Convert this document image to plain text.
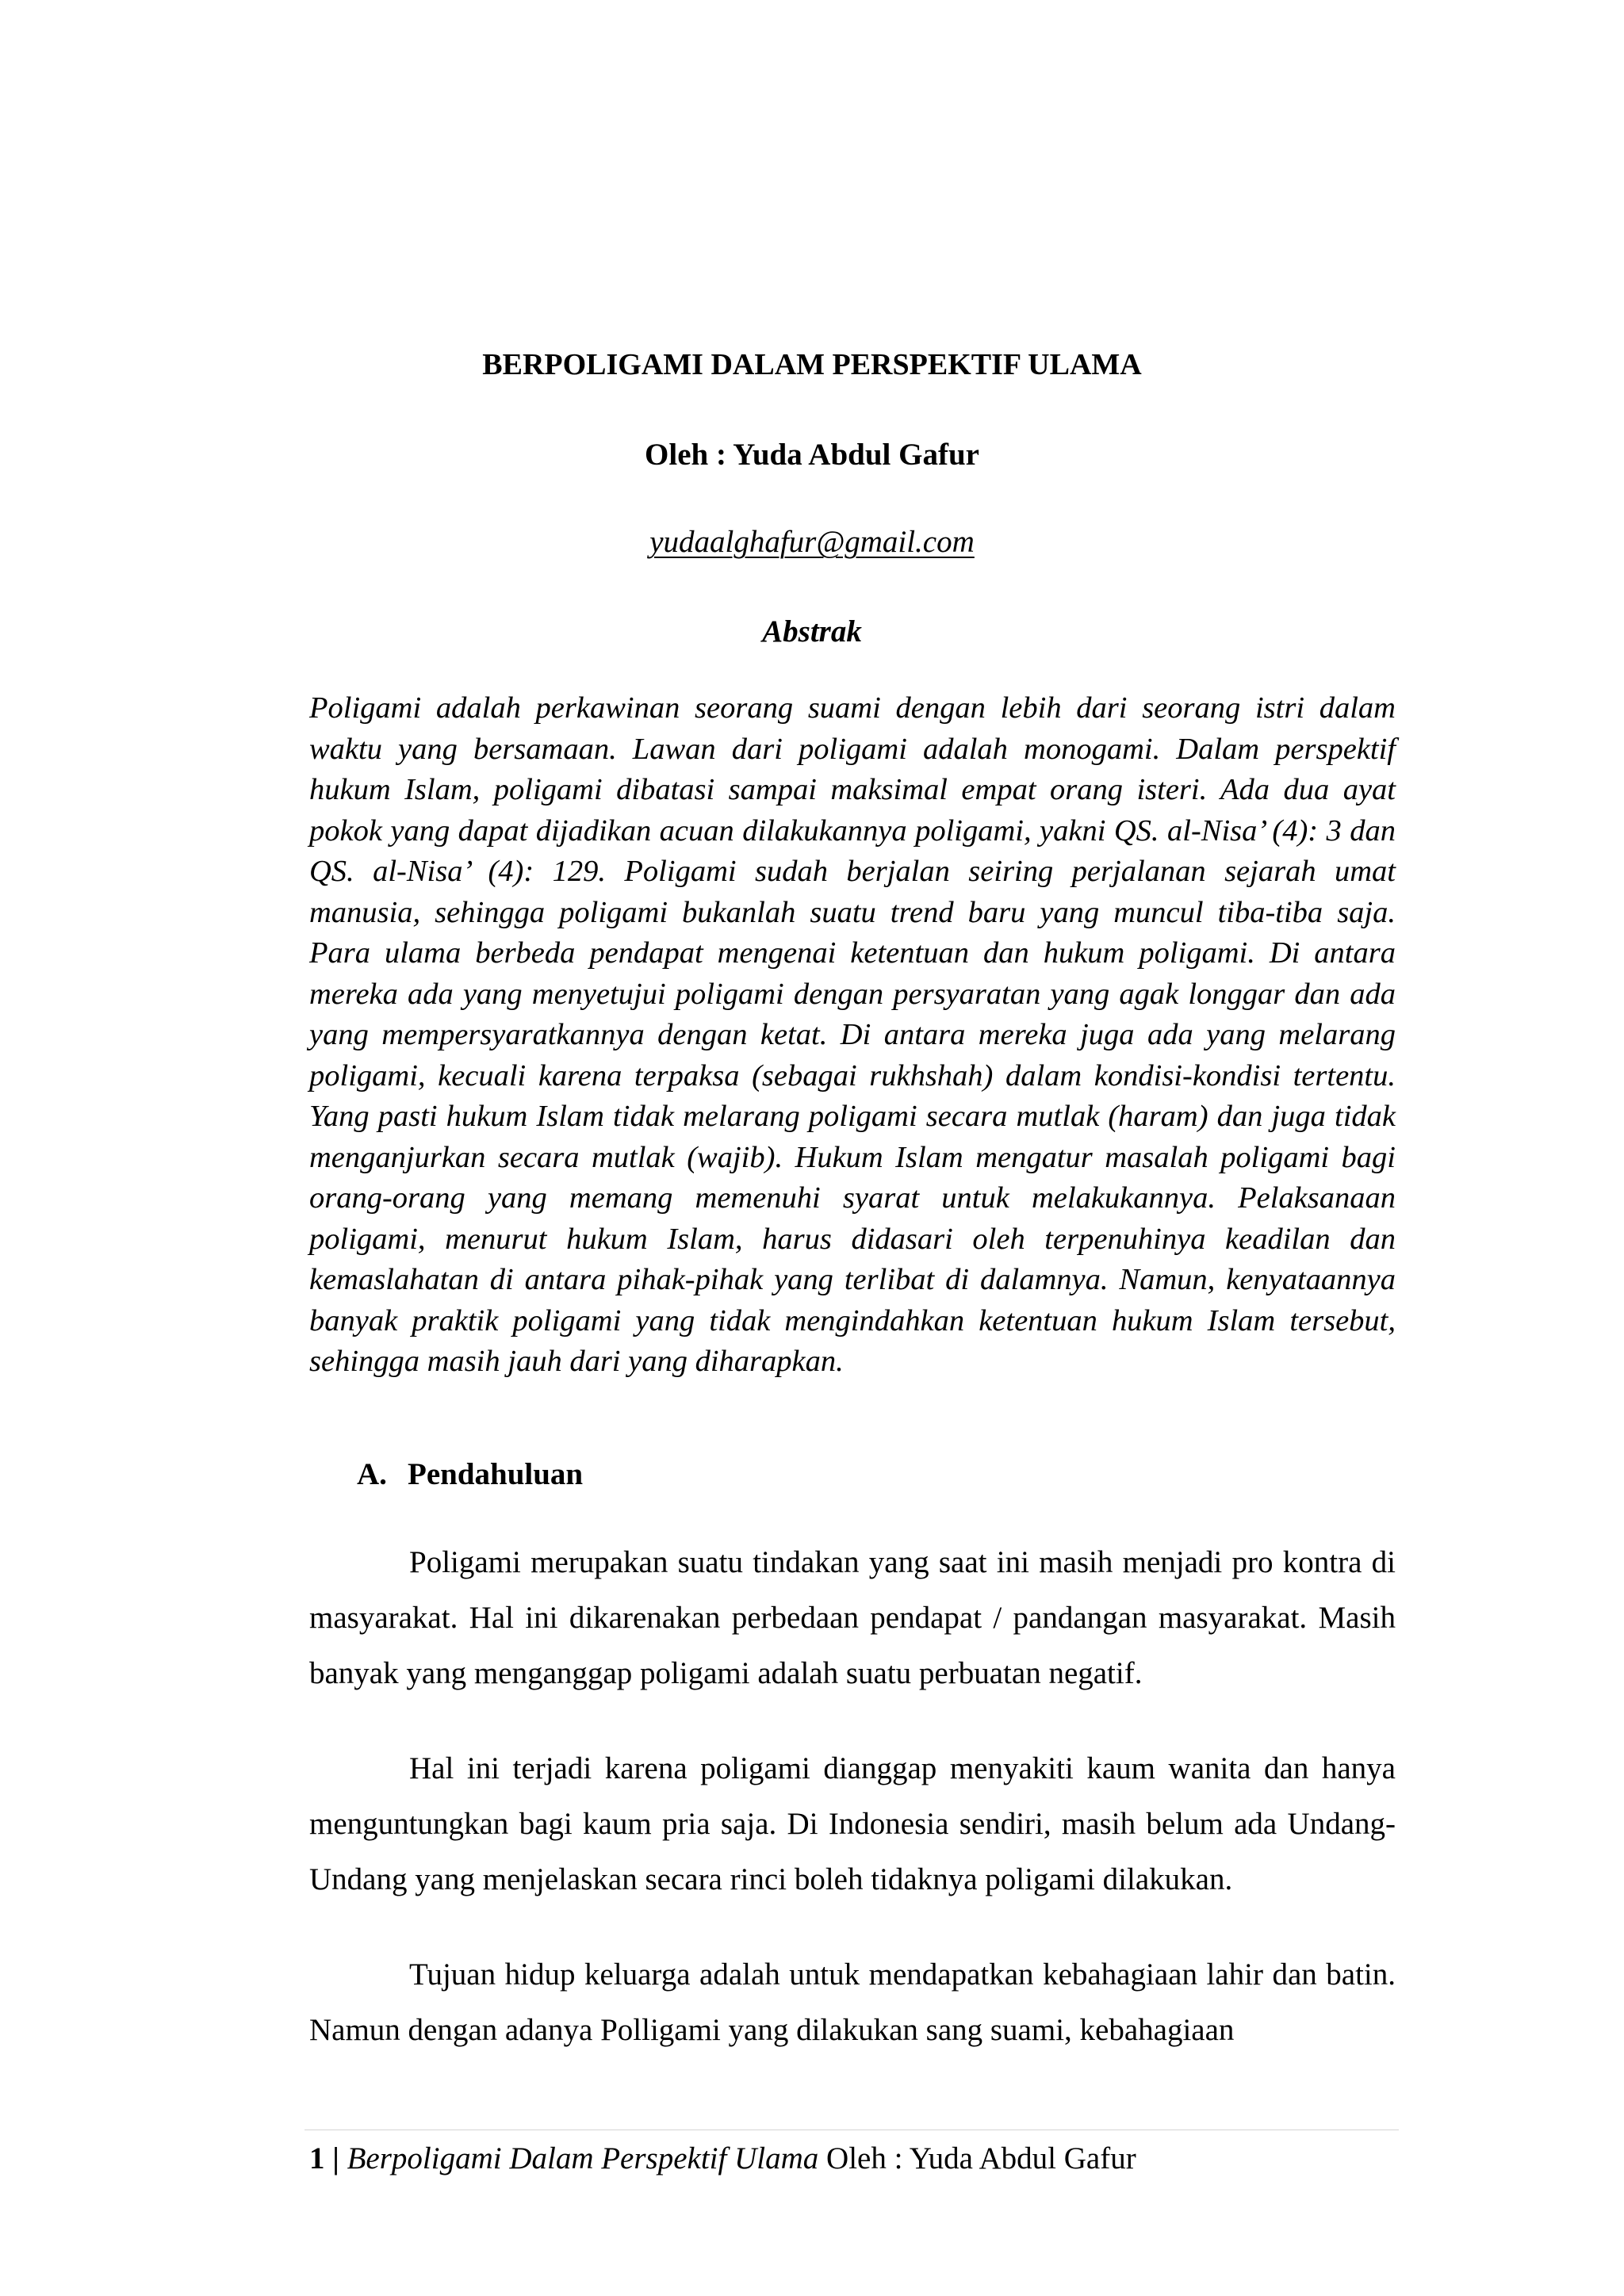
BERPOLIGAMI DALAM PERSPEKTIF ULAMA
Oleh : Yuda Abdul Gafur
yudaalghafur@gmail.com
Abstrak

Poligami adalah perkawinan seorang suami dengan lebih dari seorang istri dalam waktu yang bersamaan. Lawan dari poligami adalah monogami. Dalam perspektif hukum Islam, poligami dibatasi sampai maksimal empat orang isteri. Ada dua ayat pokok yang dapat dijadikan acuan dilakukannya poligami, yakni QS. al-Nisa’ (4): 3 dan QS. al-Nisa’ (4): 129. Poligami sudah berjalan seiring perjalanan sejarah umat manusia, sehingga poligami bukanlah suatu trend baru yang muncul tiba-tiba saja. Para ulama berbeda pendapat mengenai ketentuan dan hukum poligami. Di antara mereka ada yang menyetujui poligami dengan persyaratan yang agak longgar dan ada yang mempersyaratkannya dengan ketat. Di antara mereka juga ada yang melarang poligami, kecuali karena terpaksa (sebagai rukhshah) dalam kondisi-kondisi tertentu. Yang pasti hukum Islam tidak melarang poligami secara mutlak (haram) dan juga tidak menganjurkan secara mutlak (wajib). Hukum Islam mengatur masalah poligami bagi orang-orang yang memang memenuhi syarat untuk melakukannya. Pelaksanaan poligami, menurut hukum Islam, harus didasari oleh terpenuhinya keadilan dan kemaslahatan di antara pihak-pihak yang terlibat di dalamnya. Namun, kenyataannya banyak praktik poligami yang tidak mengindahkan ketentuan hukum Islam tersebut, sehingga masih jauh dari yang diharapkan.

A. Pendahuluan

Poligami merupakan suatu tindakan yang saat ini masih menjadi pro kontra di masyarakat. Hal ini dikarenakan perbedaan pendapat / pandangan masyarakat. Masih banyak yang menganggap poligami adalah suatu perbuatan negatif.

Hal ini terjadi karena poligami dianggap menyakiti kaum wanita dan hanya menguntungkan bagi kaum pria saja. Di Indonesia sendiri, masih belum ada Undang-Undang yang menjelaskan secara rinci boleh tidaknya poligami dilakukan.

Tujuan hidup keluarga adalah untuk mendapatkan kebahagiaan lahir dan batin. Namun dengan adanya Polligami yang dilakukan sang suami, kebahagiaan

1 | Berpoligami Dalam Perspektif Ulama Oleh : Yuda Abdul Gafur
